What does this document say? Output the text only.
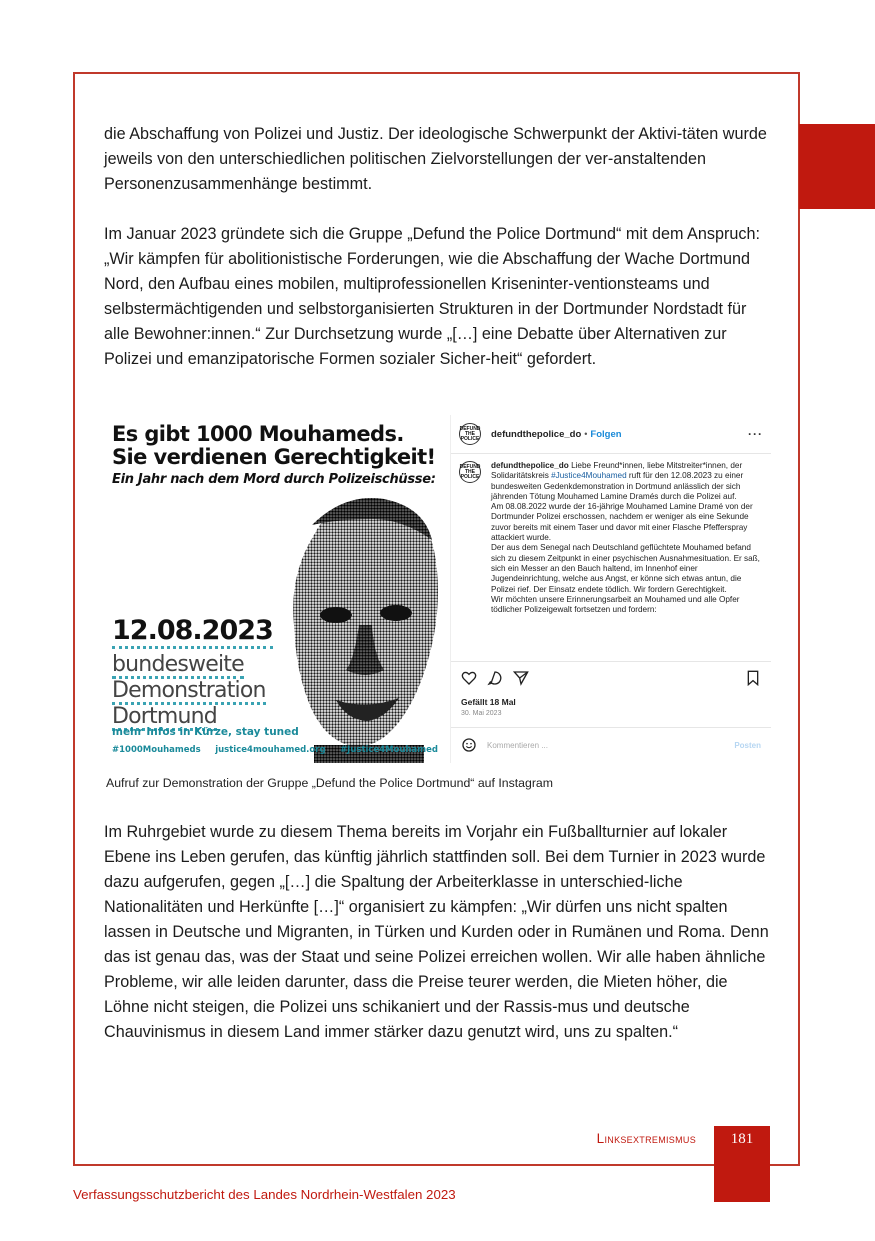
die Abschaffung von Polizei und Justiz. Der ideologische Schwerpunkt der Aktivi-täten wurde jeweils von den unterschiedlichen politischen Zielvorstellungen der ver-anstaltenden Personenzusammenhänge bestimmt.

Im Januar 2023 gründete sich die Gruppe „Defund the Police Dortmund“ mit dem Anspruch: „Wir kämpfen für abolitionistische Forderungen, wie die Abschaffung der Wache Dortmund Nord, den Aufbau eines mobilen, multiprofessionellen Kriseninter-ventionsteams und selbstermächtigenden und selbstorganisierten Strukturen in der Dortmunder Nordstadt für alle Bewohner:innen.“ Zur Durchsetzung wurde „[…] eine Debatte über Alternativen zur Polizei und emanzipatorische Formen sozialer Sicher-heit“ gefordert.

Es gibt 1000 Mouhameds.
Sie verdienen Gerechtigkeit!
Ein Jahr nach dem Mord durch Polizeischüsse:
12.08.2023
bundesweite
Demonstration
Dortmund
mehr Infos in Kürze, stay tuned
#1000Mouhameds justice4mouhamed.org #Justice4Mouhamed
DEFUND THE POLICE defundthepolice_do • Folgen	···
DEFUND THE POLICE

defundthepolice_do Liebe Freund*innen, liebe Mitstreiter*innen, der Solidaritätskreis #Justice4Mouhamed ruft für den 12.08.2023 zu einer bundesweiten Gedenkdemonstration in Dortmund anlässlich der sich jährenden Tötung Mouhamed Lamine Dramés durch die Polizei auf.

Am 08.08.2022 wurde der 16-jährige Mouhamed Lamine Dramé von der Dortmunder Polizei erschossen, nachdem er weniger als eine Sekunde zuvor bereits mit einem Taser und davor mit einer Flasche Pfefferspray attackiert wurde.

Der aus dem Senegal nach Deutschland geflüchtete Mouhamed befand sich zu diesem Zeitpunkt in einer psychischen Ausnahmesituation. Er saß, sich ein Messer an den Bauch haltend, im Innenhof einer Jugendeinrichtung, welche aus Angst, er könne sich etwas antun, die Polizei rief. Der Einsatz endete tödlich. Wir fordern Gerechtigkeit.

Wir möchten unsere Erinnerungsarbeit an Mouhamed und alle Opfer tödlicher Polizeigewalt fortsetzen und fordern:

Gefällt 18 Mal
30. Mai 2023
Kommentieren ...	Posten
Aufruf zur Demonstration der Gruppe „Defund the Police Dortmund“ auf Instagram

Im Ruhrgebiet wurde zu diesem Thema bereits im Vorjahr ein Fußballturnier auf lokaler Ebene ins Leben gerufen, das künftig jährlich stattfinden soll. Bei dem Turnier in 2023 wurde dazu aufgerufen, gegen „[…] die Spaltung der Arbeiterklasse in unterschied-liche Nationalitäten und Herkünfte […]“ organisiert zu kämpfen: „Wir dürfen uns nicht spalten lassen in Deutsche und Migranten, in Türken und Kurden oder in Rumänen und Roma. Denn das ist genau das, was der Staat und seine Polizei erreichen wollen. Wir alle haben ähnliche Probleme, wir alle leiden darunter, dass die Preise teurer werden, die Mieten höher, die Löhne nicht steigen, die Polizei uns schikaniert und der Rassis-mus und deutsche Chauvinismus in diesem Land immer stärker dazu genutzt wird, uns zu spalten.“

Linksextremismus	181
Verfassungsschutzbericht des Landes Nordrhein-Westfalen 2023
